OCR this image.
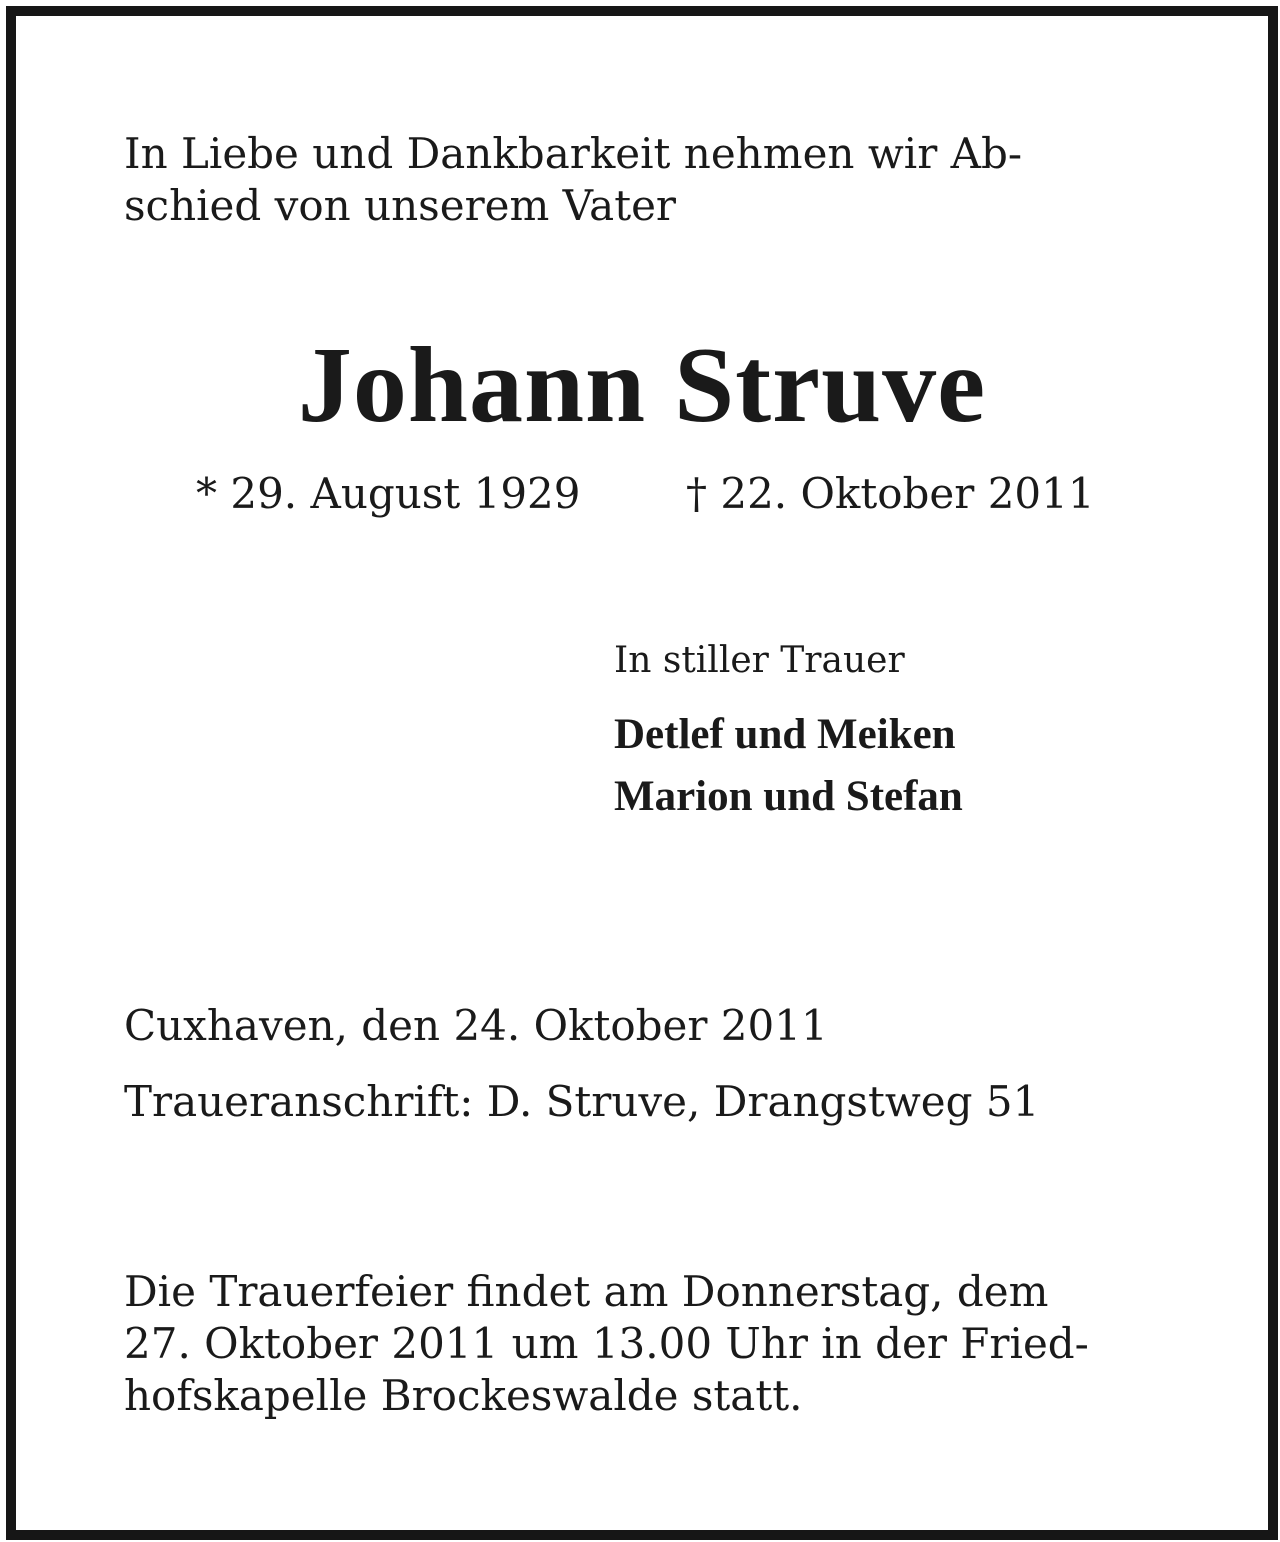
In Liebe und Dankbarkeit nehmen wir Ab-
schied von unserem Vater

Johann Struve
* 29. August 1929	† 22. Oktober 2011

In stiller Trauer

Detlef und Meiken

Marion und Stefan

Cuxhaven, den 24. Oktober 2011

Traueranschrift: D. Struve, Drangstweg 51

Die Trauerfeier findet am Donnerstag, dem
27. Oktober 2011 um 13.00 Uhr in der Fried-
hofskapelle Brockeswalde statt.
